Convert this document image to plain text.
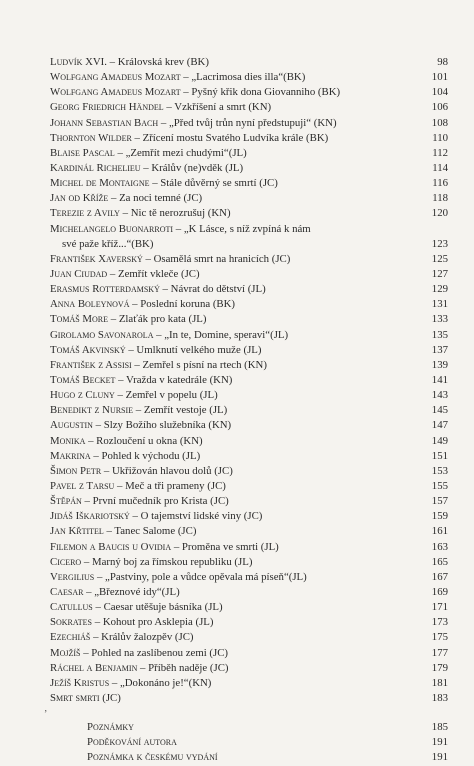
Ludvík XVI. – Královská krev (BK)	98
Wolfgang Amadeus Mozart – „Lacrimosa dies illa“(BK)	101
Wolfgang Amadeus Mozart – Pyšný křik dona Giovanniho (BK)	104
Georg Friedrich Händel – Vzkříšení a smrt (KN)	106
Johann Sebastian Bach – „Před tvůj trůn nyní předstupuji“ (KN)	108
Thornton Wilder – Zřícení mostu Svatého Ludvíka krále (BK)	110
Blaise Pascal – „Zemřít mezi chudými“(JL)	112
Kardinál Richelieu – Králův (ne)vděk (JL)	114
Michel de Montaigne – Stále důvěrný se smrtí (JC)	116
Jan od Kříže – Za noci temné (JC)	118
Terezie z Avily – Nic tě nerozrušuj (KN)	120
Michelangelo Buonarroti – „K Lásce, s níž zvpíná k nám
své paže kříž...“(BK)	123
František Xaverský – Osamělá smrt na hranicích (JC)	125
Juan Ciudad – Zemřít vkleče (JC)	127
Erasmus Rotterdamský – Návrat do dětství (JL)	129
Anna Boleynová – Poslední koruna (BK)	131
Tomáš More – Zlaťák pro kata (JL)	133
Girolamo Savonarola – „In te, Domine, speravi“(JL)	135
Tomáš Akvinský – Umlknutí velkého muže (JL)	137
František z Assisi – Zemřel s písní na rtech (KN)	139
Tomáš Becket – Vražda v katedrále (KN)	141
Hugo z Cluny – Zemřel v popelu (JL)	143
Benedikt z Nursie – Zemřít vestoje (JL)	145
Augustin – Slzy Božího služebníka (KN)	147
Monika – Rozloučení u okna (KN)	149
Makrina – Pohled k východu (JL)	151
Šimon Petr – Ukřižován hlavou dolů (JC)	153
Pavel z Tarsu – Meč a tři prameny (JC)	155
Štěpán – První mučedník pro Krista (JC)	157
Jidáš Iškariotský – O tajemství lidské viny (JC)	159
Jan Křtitel – Tanec Salome (JC)	161
Filemon a Baucis u Ovidia – Proměna ve smrti (JL)	163
Cicero – Marný boj za římskou republiku (JL)	165
Vergilius – „Pastviny, pole a vůdce opěvala má píseň“(JL)	167
Caesar – „Březnové idy“(JL)	169
Catullus – Caesar utěšuje básníka (JL)	171
Sokrates – Kohout pro Asklepia (JL)	173
Ezechiáš – Králův žalozpěv (JC)	175
Mojžíš – Pohled na zaslíbenou zemi (JC)	177
Ráchel a Benjamin – Příběh naděje (JC)	179
Ježíš Kristus – „Dokonáno je!“(KN)	181
Smrt smrti (JC)	183
Poznámky	185
Poděkování autora	191
Poznámka k českému vydání	191
‚
